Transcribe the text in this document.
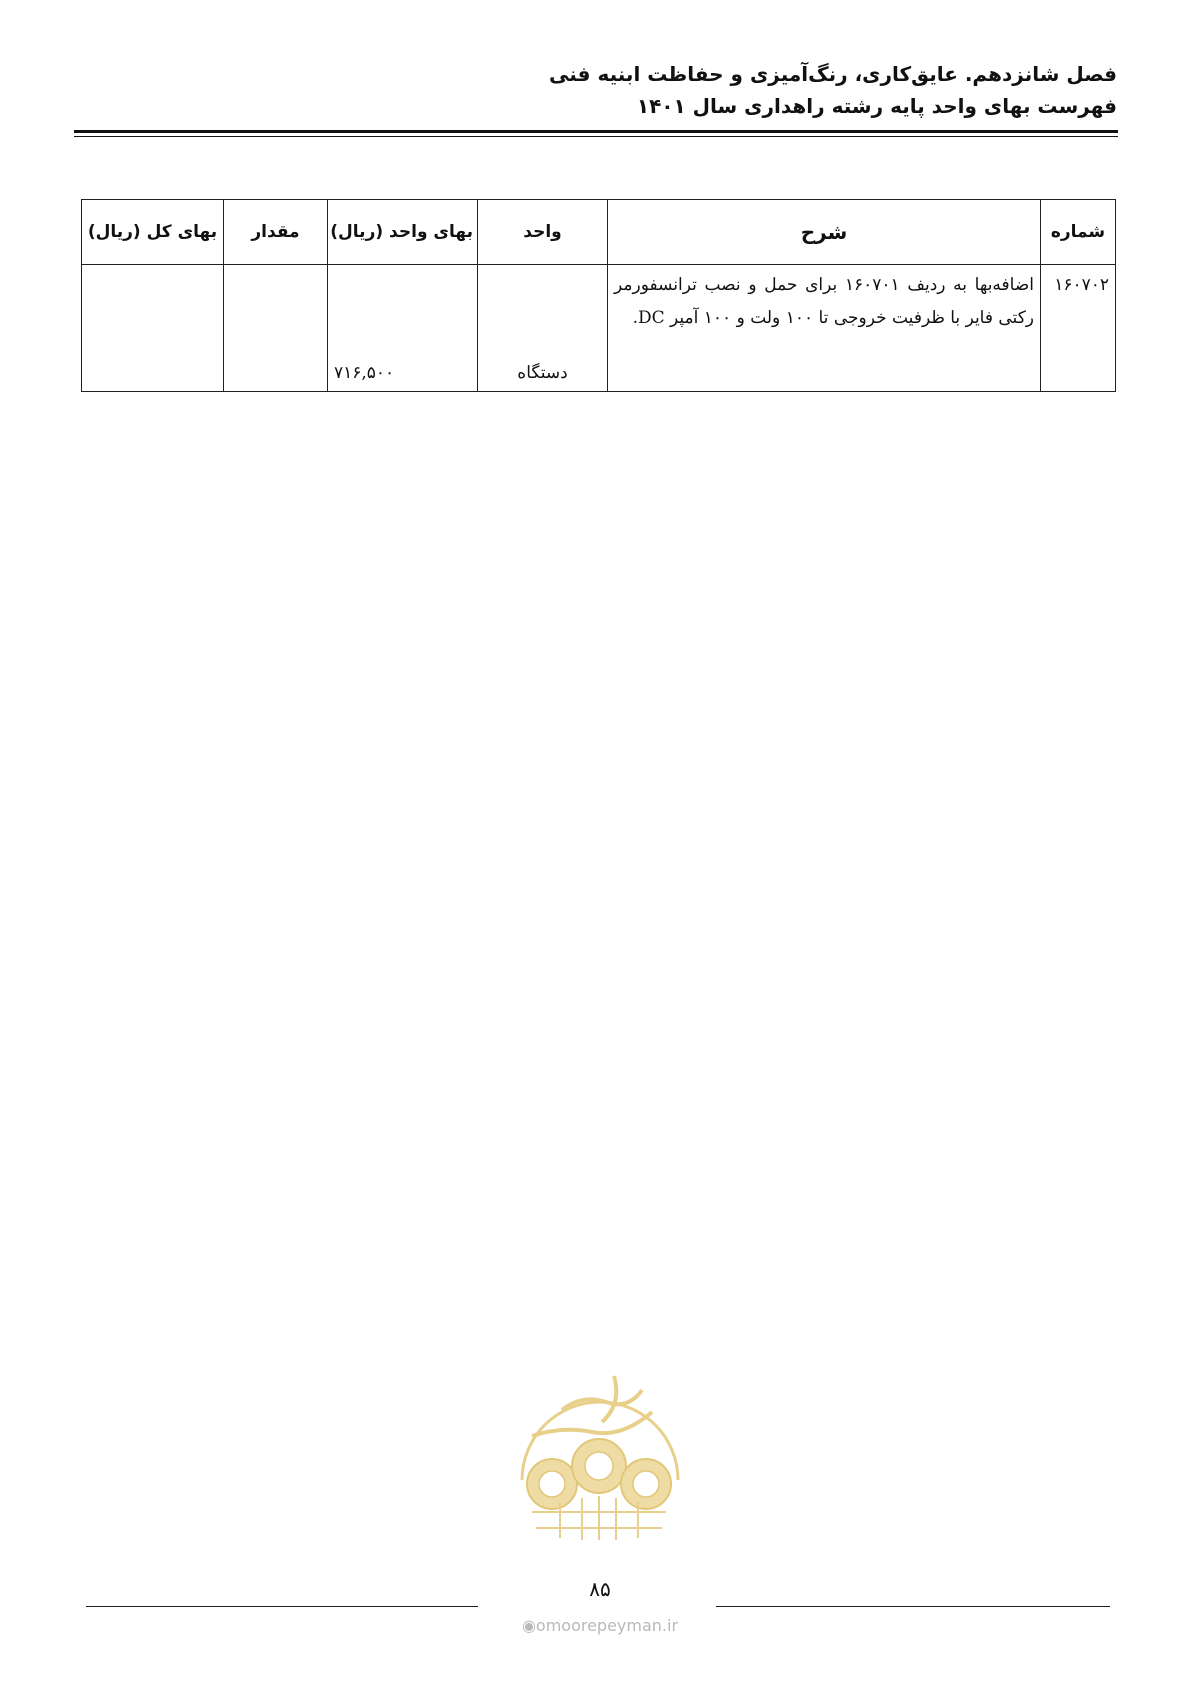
فصل شانزدهم. عایق‌کاری، رنگ‌آمیزی و حفاظت ابنیه فنی
فهرست بهای واحد پایه رشته راهداری سال ۱۴۰۱
شماره	شرح	واحد	بهای واحد (ریال)	مقدار	بهای کل (ریال)
۱۶۰۷۰۲	اضافه‌بها به ردیف ۱۶۰۷۰۱ برای حمل و نصب ترانسفورمر رکتی فایر با ظرفیت خروجی تا ۱۰۰ ولت و ۱۰۰ آمپر DC.	دستگاه	۷۱۶,۵۰۰		
۸۵
◉omoorepeyman.ir
